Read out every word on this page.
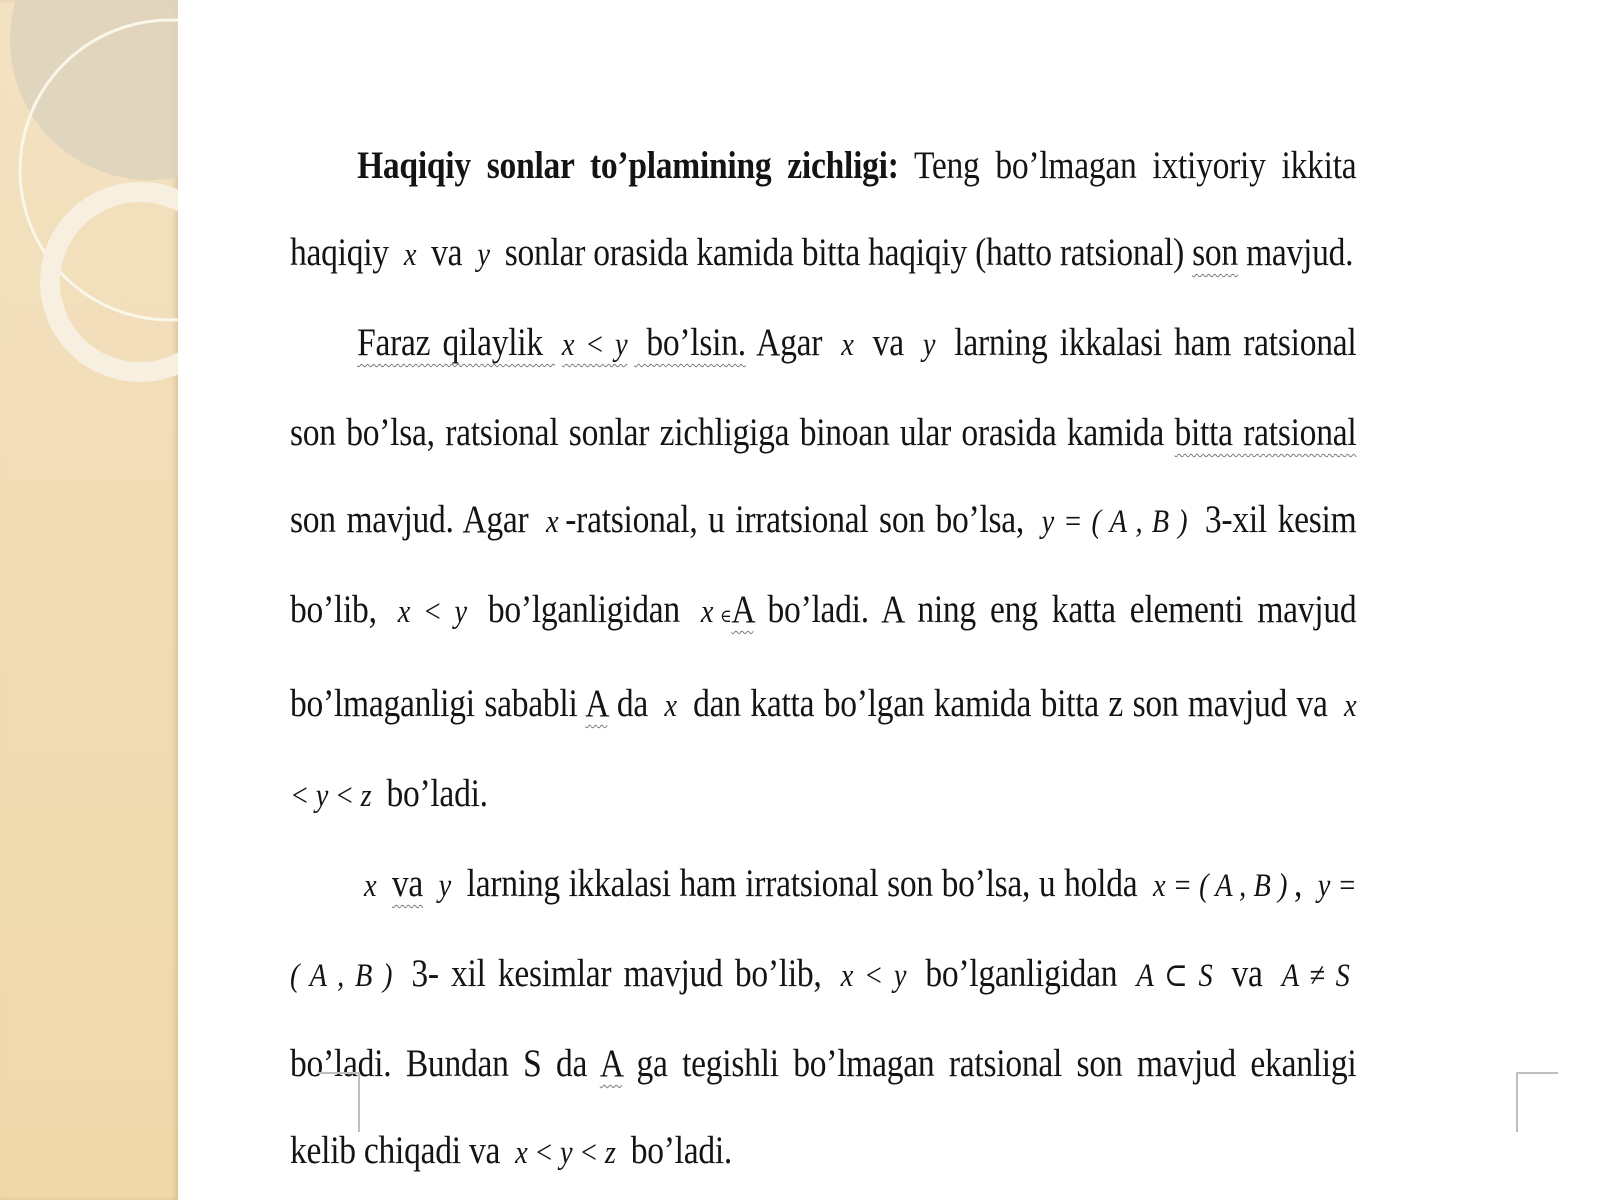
Haqiqiy sonlar to’plamining zichligi: Teng bo’lmagan ixtiyoriy ikkita haqiqiy x va y sonlar orasida kamida bitta haqiqiy (hatto ratsional) son mavjud.

Faraz qilaylik x < y bo’lsin. Agar x va y larning ikkalasi ham ratsional son bo’lsa, ratsional sonlar zichligiga binoan ular orasida kamida bitta ratsional son mavjud. Agar x -ratsional, u irratsional son bo’lsa, y = ( A , B ) 3-xil kesim bo’lib, x < y bo’lganligidan x ∈A bo’ladi. A ning eng katta elementi mavjud bo’lmaganligi sababli A da x dan katta bo’lgan kamida bitta z son mavjud va x < y < z bo’ladi.

x va y larning ikkalasi ham irratsional son bo’lsa, u holda x = ( A , B ) , y = ( A , B ) 3- xil kesimlar mavjud bo’lib, x < y bo’lganligidan A ⊂ S va A ≠ S bo’ladi. Bundan S da A ga tegishli bo’lmagan ratsional son mavjud ekanligi kelib chiqadi va x < y < z bo’ladi.
